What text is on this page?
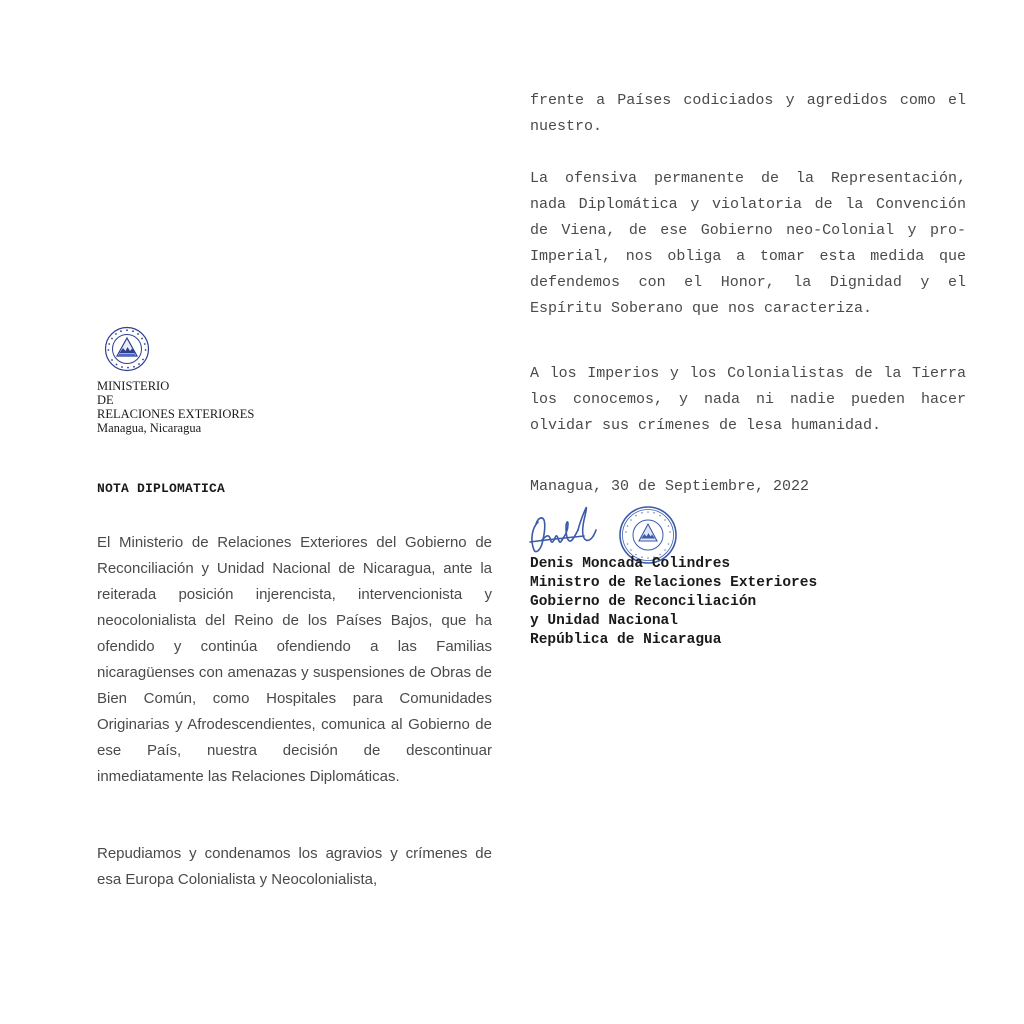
MINISTERIO
DE
RELACIONES EXTERIORES
Managua, Nicaragua
NOTA DIPLOMATICA

El Ministerio de Relaciones Exteriores del Gobierno de Reconciliación y Unidad Nacional de Nicaragua, ante la reiterada posición injerencista, intervencionista y neocolonialista del Reino de los Países Bajos, que ha ofendido y continúa ofendiendo a las Familias nicaragüenses con amenazas y suspensiones de Obras de Bien Común, como Hospitales para Comunidades Originarias y Afrodescendientes, comunica al Gobierno de ese País, nuestra decisión de descontinuar inmediatamente las Relaciones Diplomáticas.

Repudiamos y condenamos los agravios y crímenes de esa Europa Colonialista y Neocolonialista,

frente a Países codiciados y agredidos como el nuestro.

La ofensiva permanente de la Representación, nada Diplomática y violatoria de la Convención de Viena, de ese Gobierno neo-Colonial y pro-Imperial, nos obliga a tomar esta medida que defendemos con el Honor, la Dignidad y el Espíritu Soberano que nos caracteriza.

A los Imperios y los Colonialistas de la Tierra los conocemos, y nada ni nadie pueden hacer olvidar sus crímenes de lesa humanidad.

Managua, 30 de Septiembre, 2022
Denis Moncada Colindres
Ministro de Relaciones Exteriores
Gobierno de Reconciliación
y Unidad Nacional
República de Nicaragua
